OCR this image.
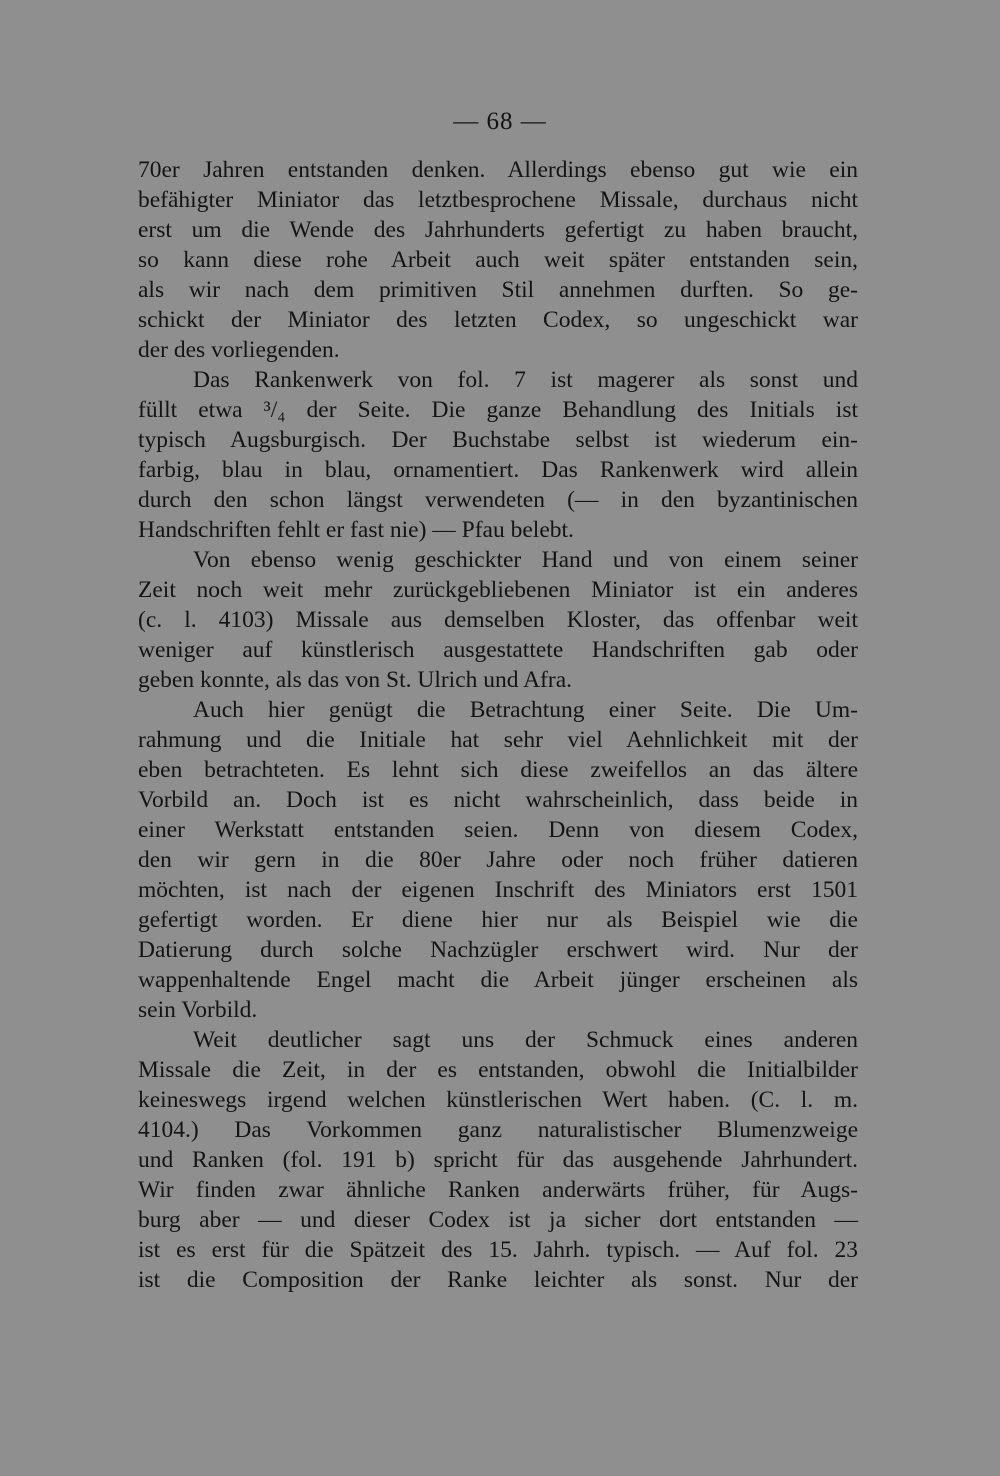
— 68 —
70er Jahren entstanden denken. Allerdings ebenso gut wie ein
befähigter Miniator das letztbesprochene Missale, durchaus nicht
erst um die Wende des Jahrhunderts gefertigt zu haben braucht,
so kann diese rohe Arbeit auch weit später entstanden sein,
als wir nach dem primitiven Stil annehmen durften. So ge-
schickt der Miniator des letzten Codex, so ungeschickt war
der des vorliegenden.
Das Rankenwerk von fol. 7 ist magerer als sonst und
füllt etwa ³/₄ der Seite. Die ganze Behandlung des Initials ist
typisch Augsburgisch. Der Buchstabe selbst ist wiederum ein-
farbig, blau in blau, ornamentiert. Das Rankenwerk wird allein
durch den schon längst verwendeten (— in den byzantinischen
Handschriften fehlt er fast nie) — Pfau belebt.
Von ebenso wenig geschickter Hand und von einem seiner
Zeit noch weit mehr zurückgebliebenen Miniator ist ein anderes
(c. l. 4103) Missale aus demselben Kloster, das offenbar weit
weniger auf künstlerisch ausgestattete Handschriften gab oder
geben konnte, als das von St. Ulrich und Afra.
Auch hier genügt die Betrachtung einer Seite. Die Um-
rahmung und die Initiale hat sehr viel Aehnlichkeit mit der
eben betrachteten. Es lehnt sich diese zweifellos an das ältere
Vorbild an. Doch ist es nicht wahrscheinlich, dass beide in
einer Werkstatt entstanden seien. Denn von diesem Codex,
den wir gern in die 80er Jahre oder noch früher datieren
möchten, ist nach der eigenen Inschrift des Miniators erst 1501
gefertigt worden. Er diene hier nur als Beispiel wie die
Datierung durch solche Nachzügler erschwert wird. Nur der
wappenhaltende Engel macht die Arbeit jünger erscheinen als
sein Vorbild.
Weit deutlicher sagt uns der Schmuck eines anderen
Missale die Zeit, in der es entstanden, obwohl die Initialbilder
keineswegs irgend welchen künstlerischen Wert haben. (C. l. m.
4104.) Das Vorkommen ganz naturalistischer Blumenzweige
und Ranken (fol. 191 b) spricht für das ausgehende Jahrhundert.
Wir finden zwar ähnliche Ranken anderwärts früher, für Augs-
burg aber — und dieser Codex ist ja sicher dort entstanden —
ist es erst für die Spätzeit des 15. Jahrh. typisch. — Auf fol. 23
ist die Composition der Ranke leichter als sonst. Nur der
